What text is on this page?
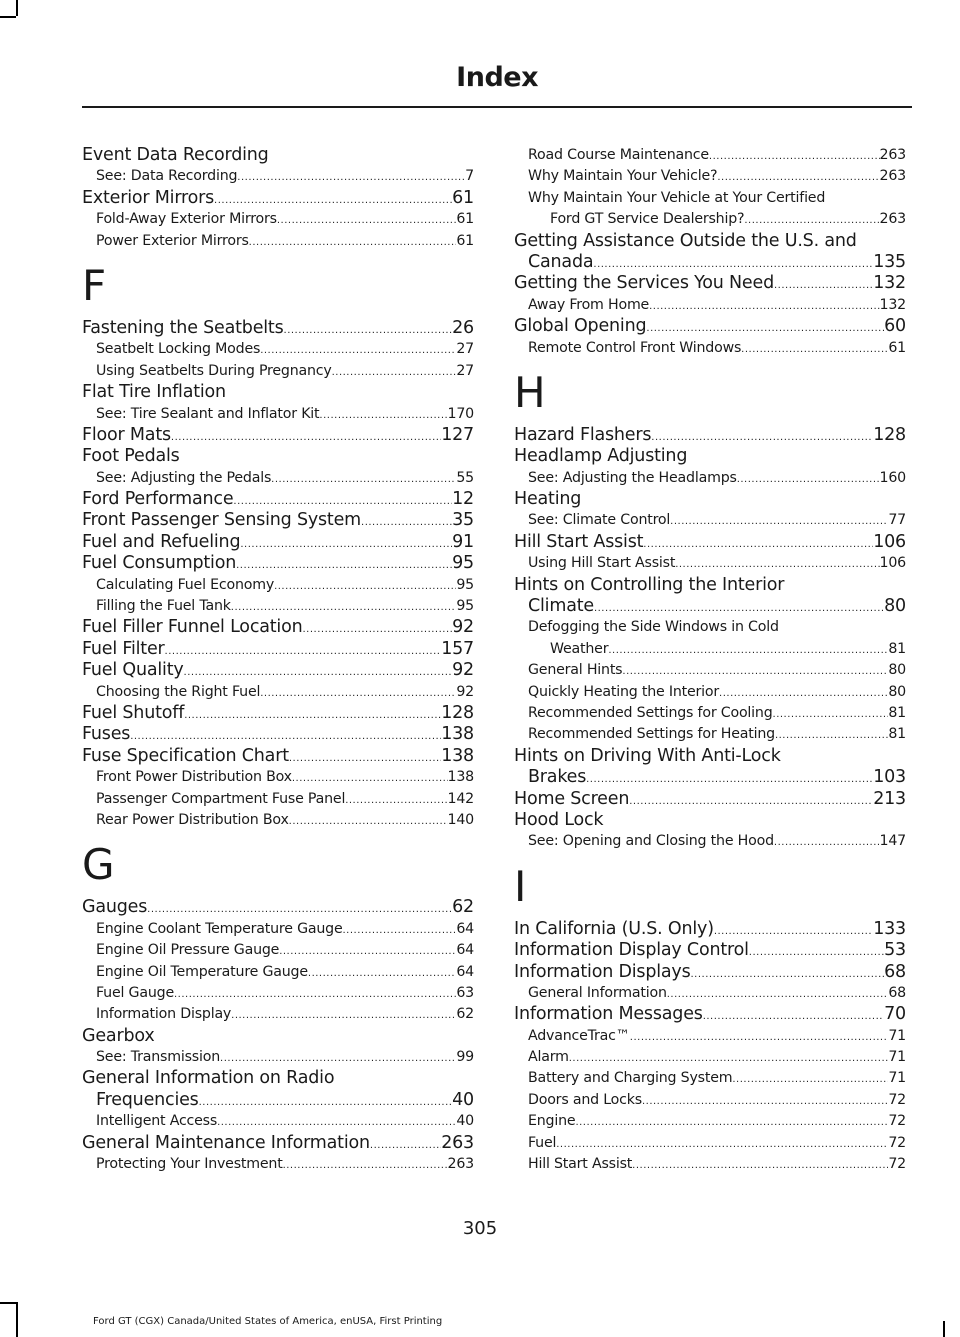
Index
Event Data Recording
See: Data Recording .....	7
Exterior Mirrors .....	61
Fold-Away Exterior Mirrors .....	61
Power Exterior Mirrors .....	61
F
Fastening the Seatbelts .....	26
Seatbelt Locking Modes .....	27
Using Seatbelts During Pregnancy .....	27
Flat Tire Inflation
See: Tire Sealant and Inflator Kit .....	170
Floor Mats .....	127
Foot Pedals
See: Adjusting the Pedals .....	55
Ford Performance .....	12
Front Passenger Sensing System .....	35
Fuel and Refueling .....	91
Fuel Consumption .....	95
Calculating Fuel Economy .....	95
Filling the Fuel Tank .....	95
Fuel Filler Funnel Location .....	92
Fuel Filter .....	157
Fuel Quality .....	92
Choosing the Right Fuel .....	92
Fuel Shutoff .....	128
Fuses .....	138
Fuse Specification Chart .....	138
Front Power Distribution Box .....	138
Passenger Compartment Fuse Panel .....	142
Rear Power Distribution Box .....	140
G
Gauges .....	62
Engine Coolant Temperature Gauge .....	64
Engine Oil Pressure Gauge .....	64
Engine Oil Temperature Gauge .....	64
Fuel Gauge .....	63
Information Display .....	62
Gearbox
See: Transmission .....	99
General Information on Radio
Frequencies .....	40
Intelligent Access .....	40
General Maintenance Information .....	263
Protecting Your Investment .....	263
Road Course Maintenance .....	263
Why Maintain Your Vehicle? .....	263
Why Maintain Your Vehicle at Your Certified
Ford GT Service Dealership? .....	263
Getting Assistance Outside the U.S. and
Canada .....	135
Getting the Services You Need .....	132
Away From Home .....	132
Global Opening .....	60
Remote Control Front Windows .....	61
H
Hazard Flashers .....	128
Headlamp Adjusting
See: Adjusting the Headlamps .....	160
Heating
See: Climate Control .....	77
Hill Start Assist .....	106
Using Hill Start Assist .....	106
Hints on Controlling the Interior
Climate .....	80
Defogging the Side Windows in Cold
Weather .....	81
General Hints .....	80
Quickly Heating the Interior .....	80
Recommended Settings for Cooling .....	81
Recommended Settings for Heating .....	81
Hints on Driving With Anti-Lock
Brakes .....	103
Home Screen .....	213
Hood Lock
See: Opening and Closing the Hood .....	147
I
In California (U.S. Only) .....	133
Information Display Control .....	53
Information Displays .....	68
General Information .....	68
Information Messages .....	70
AdvanceTrac™ .....	71
Alarm .....	71
Battery and Charging System .....	71
Doors and Locks .....	72
Engine .....	72
Fuel .....	72
Hill Start Assist .....	72
305
Ford GT (CGX) Canada/United States of America, enUSA, First Printing
